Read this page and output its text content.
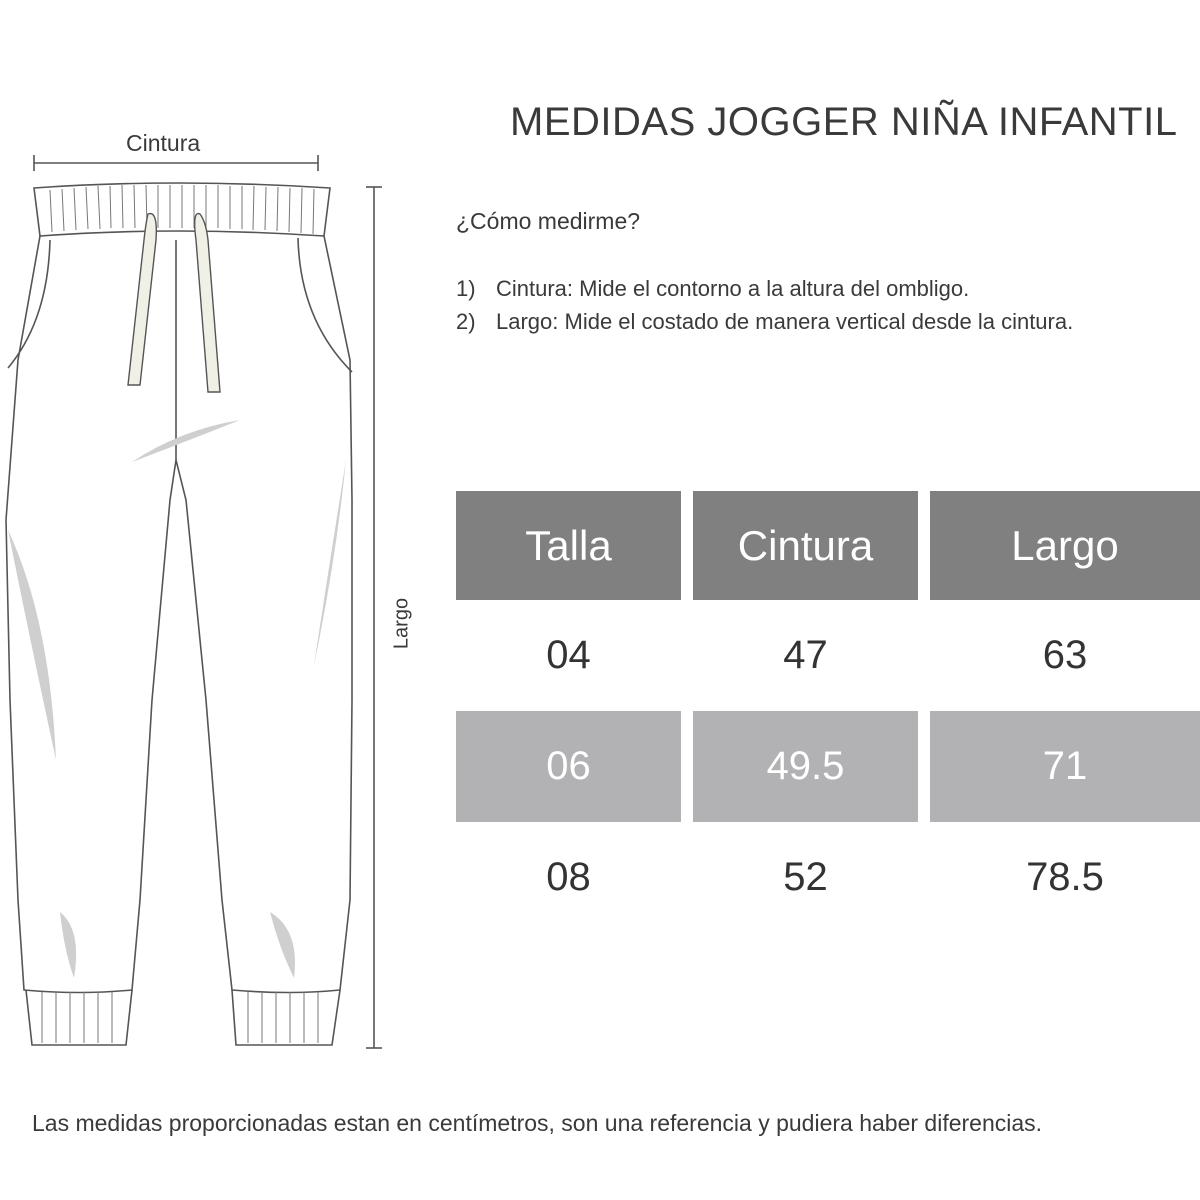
MEDIDAS JOGGER NIÑA INFANTIL
¿Cómo medirme?
1) Cintura: Mide el contorno a la altura del ombligo.
2) Largo: Mide el costado de manera vertical desde la cintura.
Cintura
Largo
Talla	Cintura	Largo
04	47	63
06	49.5	71
08	52	78.5
Las medidas proporcionadas estan en centímetros, son una referencia y pudiera haber diferencias.
